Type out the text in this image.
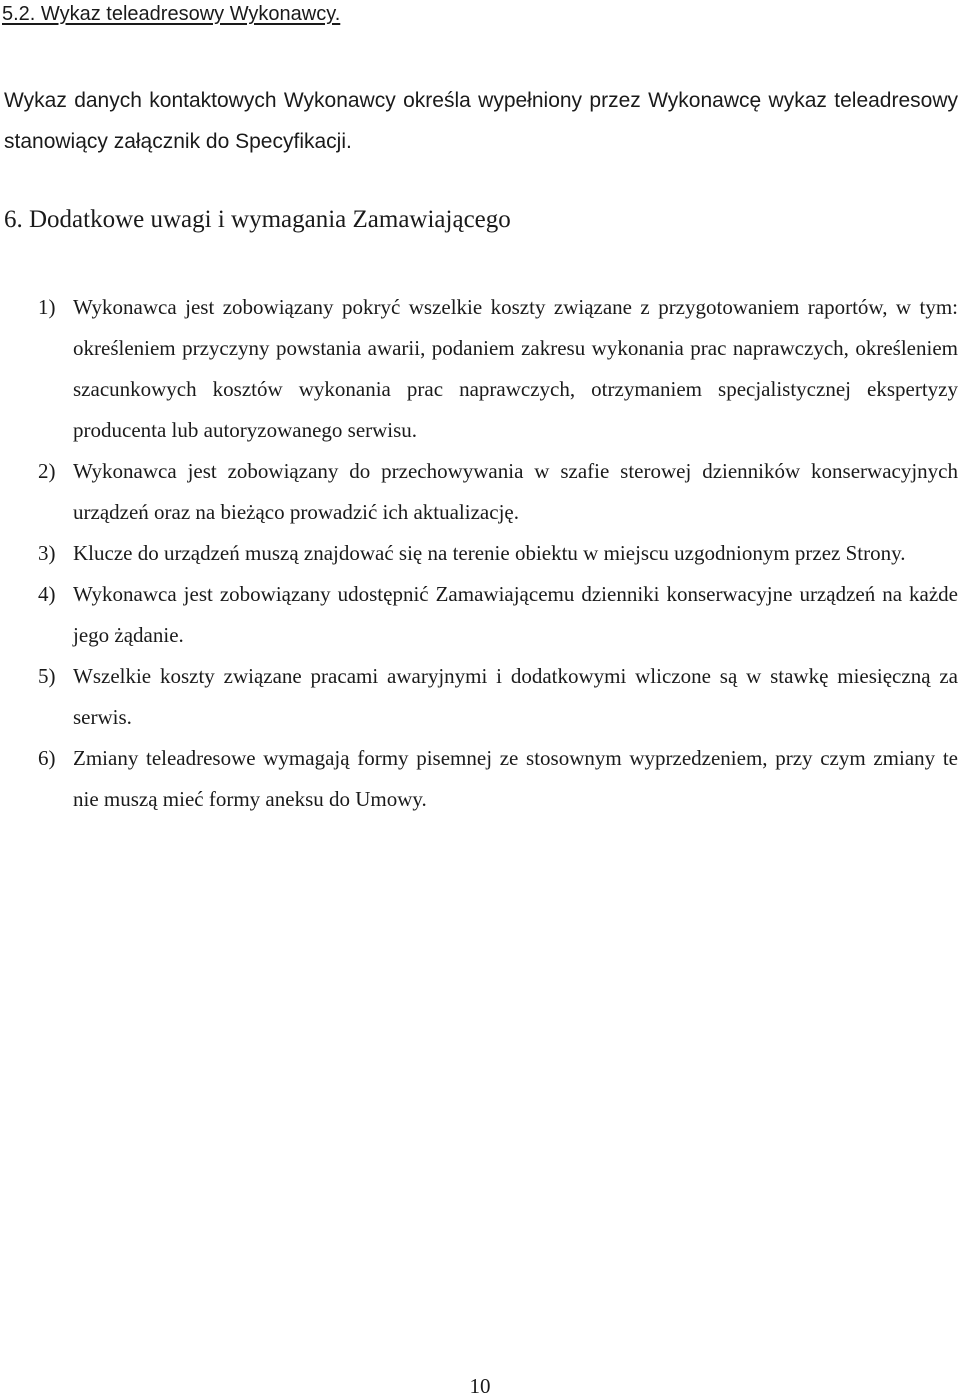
5.2. Wykaz teleadresowy Wykonawcy.

Wykaz danych kontaktowych Wykonawcy określa wypełniony przez Wykonawcę wykaz teleadresowy stanowiący załącznik do Specyfikacji.

6. Dodatkowe uwagi i wymagania Zamawiającego
1) Wykonawca jest zobowiązany pokryć wszelkie koszty związane z przygotowaniem raportów, w tym: określeniem przyczyny powstania awarii, podaniem zakresu wykonania prac naprawczych, określeniem szacunkowych kosztów wykonania prac naprawczych, otrzymaniem specjalistycznej ekspertyzy producenta lub autoryzowanego serwisu.
2) Wykonawca jest zobowiązany do przechowywania w szafie sterowej dzienników konserwacyjnych urządzeń oraz na bieżąco prowadzić ich aktualizację.
3) Klucze do urządzeń muszą znajdować się na terenie obiektu w miejscu uzgodnionym przez Strony.
4) Wykonawca jest zobowiązany udostępnić Zamawiającemu dzienniki konserwacyjne urządzeń na każde jego żądanie.
5) Wszelkie koszty związane pracami awaryjnymi i dodatkowymi wliczone są w stawkę miesięczną za serwis.
6) Zmiany teleadresowe wymagają formy pisemnej ze stosownym wyprzedzeniem, przy czym zmiany te nie muszą mieć formy aneksu do Umowy.
10
